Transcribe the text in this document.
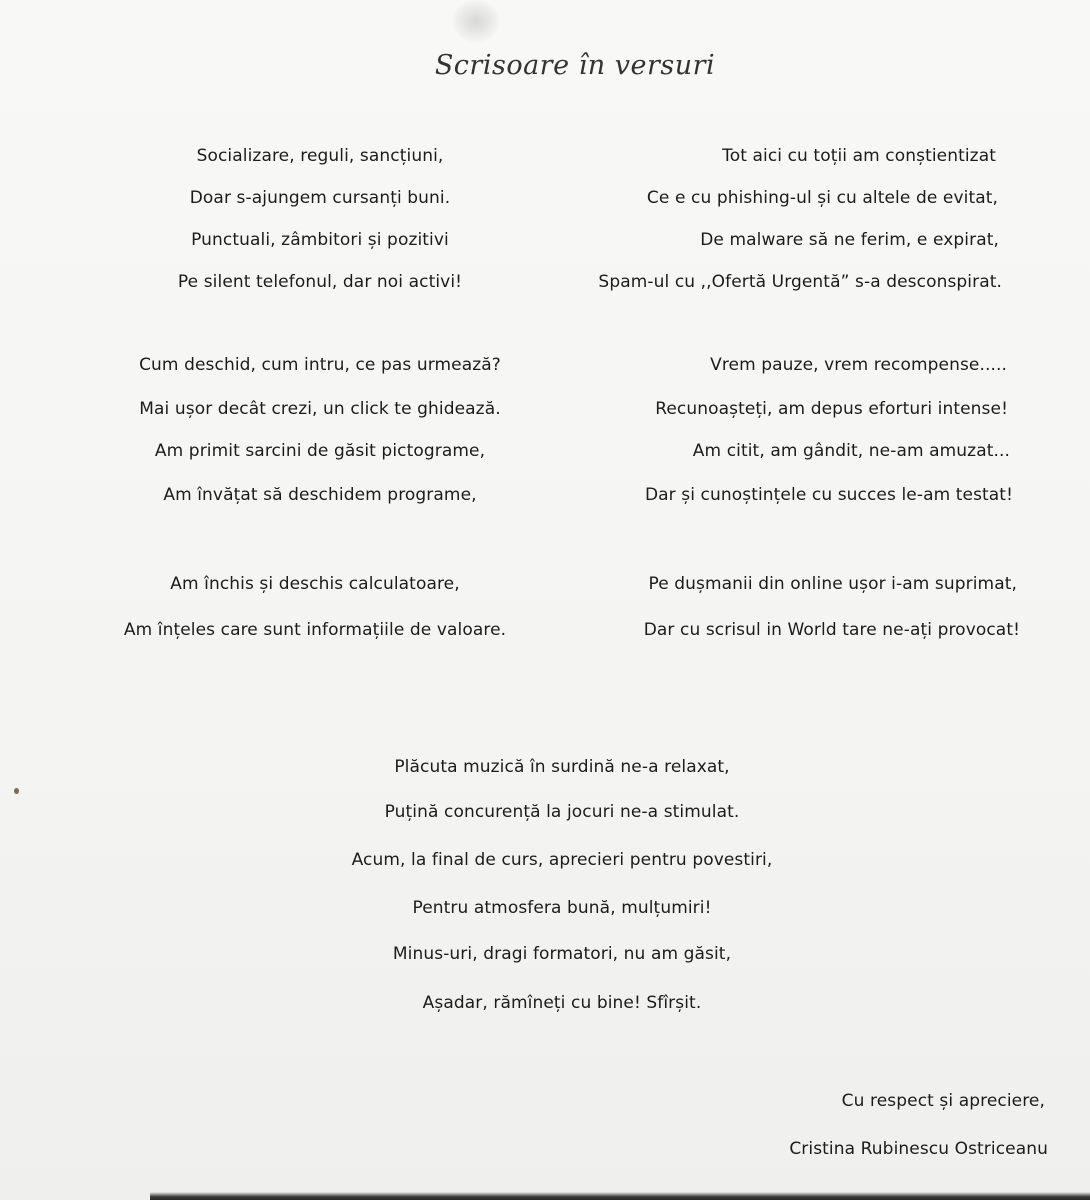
Scrisoare în versuri
Socializare, reguli, sancțiuni,
Doar s-ajungem cursanți buni.
Punctuali, zâmbitori și pozitivi
Pe silent telefonul, dar noi activi!
Cum deschid, cum intru, ce pas urmează?
Mai ușor decât crezi, un click te ghidează.
Am primit sarcini de găsit pictograme,
Am învățat să deschidem programe,
Am închis și deschis calculatoare,
Am înțeles care sunt informațiile de valoare.
Tot aici cu toții am conștientizat
Ce e cu phishing-ul și cu altele de evitat,
De malware să ne ferim, e expirat,
Spam-ul cu ,,Ofertă Urgentă” s-a desconspirat.
Vrem pauze, vrem recompense.....
Recunoașteți, am depus eforturi intense!
Am citit, am gândit, ne-am amuzat...
Dar și cunoștințele cu succes le-am testat!
Pe dușmanii din online ușor i-am suprimat,
Dar cu scrisul in World tare ne-ați provocat!
Plăcuta muzică în surdină ne-a relaxat,
Puțină concurență la jocuri ne-a stimulat.
Acum, la final de curs, aprecieri pentru povestiri,
Pentru atmosfera bună, mulțumiri!
Minus-uri, dragi formatori, nu am găsit,
Așadar, rămîneți cu bine! Sfîrșit.
Cu respect și apreciere,
Cristina Rubinescu Ostriceanu
